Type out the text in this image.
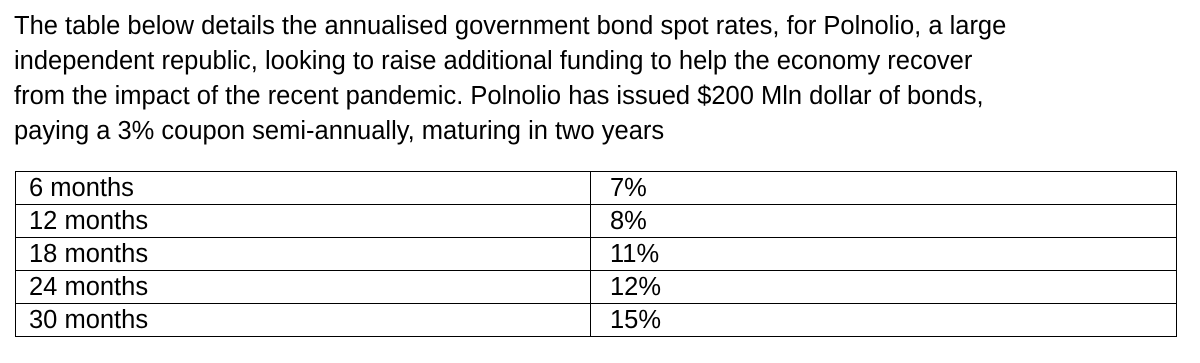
The table below details the annualised government bond spot rates, for Polnolio, a large
independent republic, looking to raise additional funding to help the economy recover
from the impact of the recent pandemic. Polnolio has issued $200 Mln dollar of bonds,
paying a 3% coupon semi-annually, maturing in two years

6 months	7%
12 months	8%
18 months	11%
24 months	12%
30 months	15%
